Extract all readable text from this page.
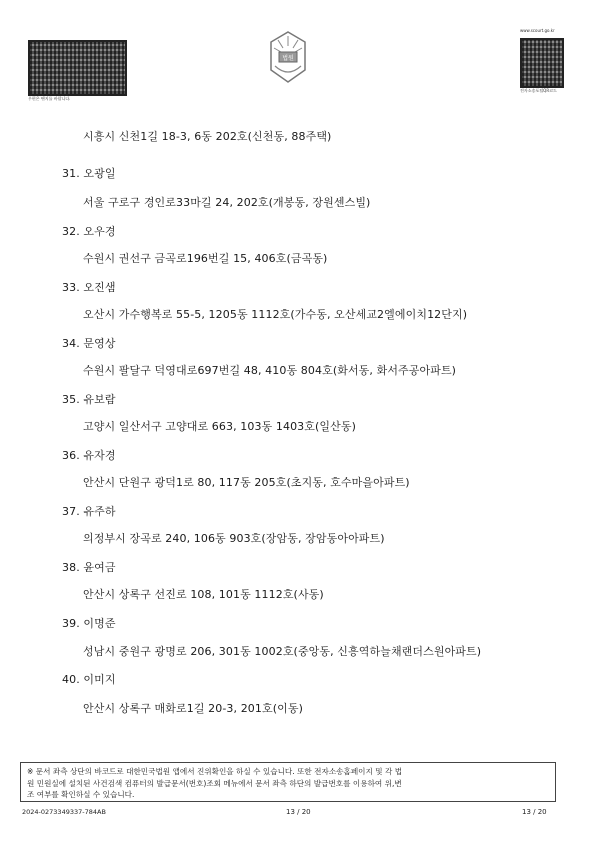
우편은 팬지를 바랍니다.
법원
www.scourt.go.kr
전자소송포털QR코드
시흥시 신천1길 18-3, 6동 202호(신천동, 88주택)
31. 오광일
서울 구로구 경인로33마길 24, 202호(개봉동, 장원센스빌)
32. 오우경
수원시 권선구 금곡로196번길 15, 406호(금곡동)
33. 오진샘
오산시 가수행복로 55-5, 1205동 1112호(가수동, 오산세교2엘에이치12단지)
34. 문영상
수원시 팔달구 덕영대로697번길 48, 410동 804호(화서동, 화서주공아파트)
35. 유보람
고양시 일산서구 고양대로 663, 103동 1403호(일산동)
36. 유자경
안산시 단원구 광덕1로 80, 117동 205호(초지동, 호수마을아파트)
37. 유주하
의정부시 장곡로 240, 106동 903호(장암동, 장암동아아파트)
38. 윤여금
안산시 상록구 선진로 108, 101동 1112호(사동)
39. 이명준
성남시 중원구 광명로 206, 301동 1002호(중앙동, 신흥역하늘채랜더스원아파트)
40. 이미지
안산시 상록구 매화로1길 20-3, 201호(이동)
※ 문서 좌측 상단의 바코드로 대한민국법원 앱에서 진위확인을 하실 수 있습니다. 또한 전자소송홈페이지 및 각 법
원 민원실에 설치된 사건검색 컴퓨터의 발급문서(번호)조회 메뉴에서 문서 좌측 하단의 발급번호를 이용하여 위,변
조 여부를 확인하실 수 있습니다.
2024-0273349337-784AB	13 / 20	13 / 20
